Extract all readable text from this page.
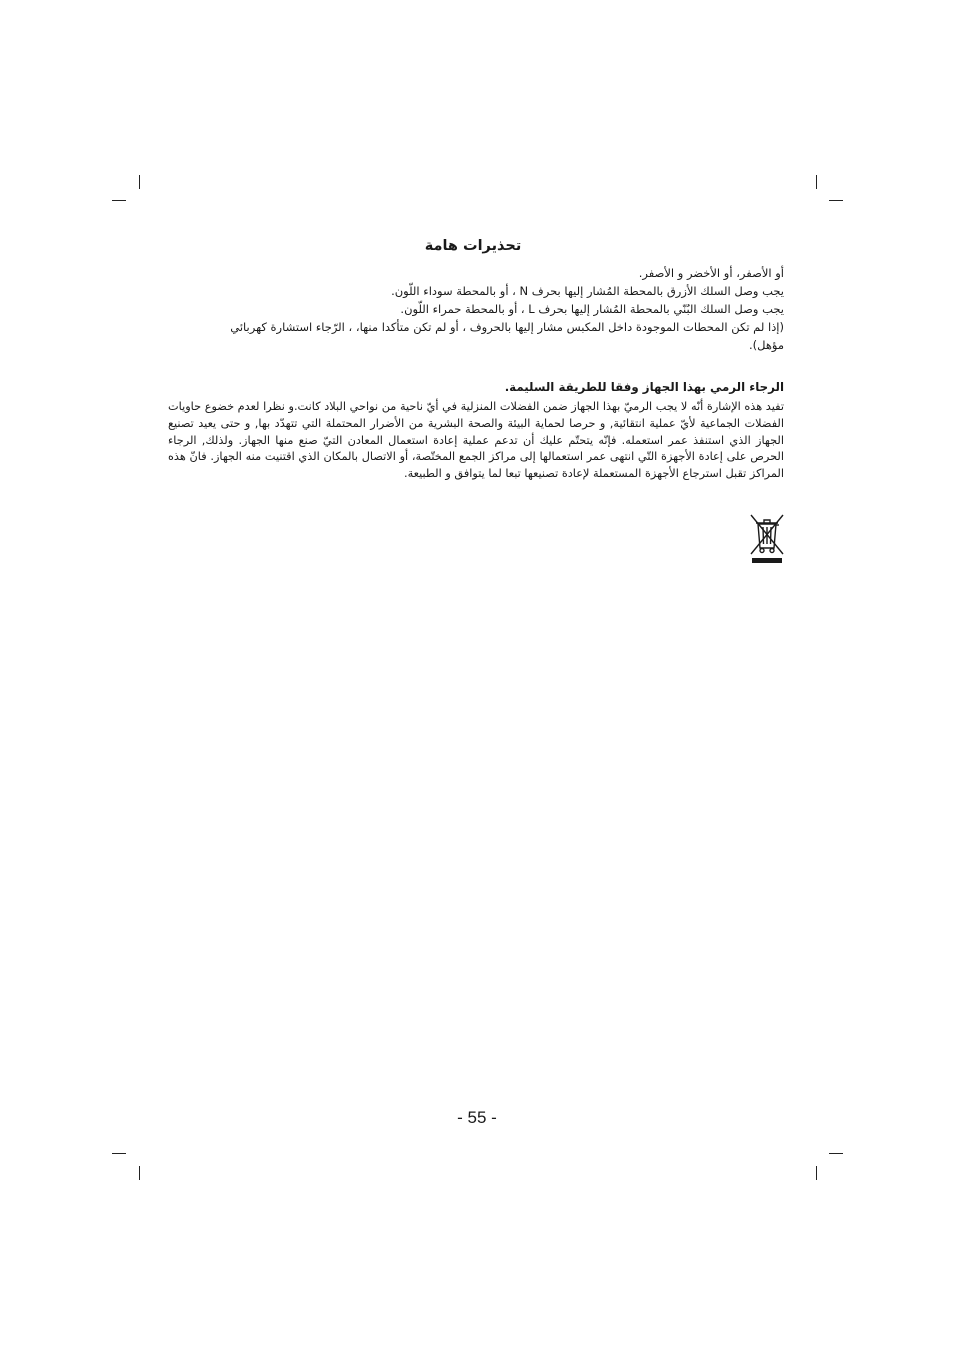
تحذيرات هامة
أو الأصفر، أو الأخضر و الأصفر.
يجب وصل السلك الأزرق بالمحطة المُشار إليها بحرف N ، أو بالمحطة سوداء اللّون.
يجب وصل السلك البُنّي بالمحطة المُشار إليها بحرف L ، أو بالمحطة حمراء اللّون.
(إذا لم تكن المحطات الموجودة داخل المكبس مشار إليها بالحروف ، أو لم تكن متأكدا منها، ، الرّجاء استشارة كهربائي
مؤهل).
الرجاء الرمي بهذا الجهاز وفقا للطريقة السليمة.

تفيد هذه الإشارة أنّه لا يجب الرميّ بهذا الجهاز ضمن الفضلات المنزلية في أيّ ناحية من نواحي البلاد كانت.و نظرا لعدم خضوع حاويات الفضلات الجماعية لأيّ عملية انتقائية, و حرصا لحماية البيئة والصحة البشرية من الأضرار المحتملة التي تتهدّد بها, و حتى يعيد تصنيع الجهاز الذي استنفذ عمر استعمله. فإنّه يتحتّم عليك أن تدعم عملية إعادة استعمال المعادن التيّ صنع منها الجهاز. ولذلك, الرجاء الحرص على إعادة الأجهزة التّي انتهى عمر استعمالها إلى مراكز الجمع المختّصة، أو الاتصال بالمكان الذي اقتنيت منه الجهاز. فانّ هذه المراكز تقبل استرجاع الأجهزة المستعملة لإعادة تصنيعها تبعا لما يتوافق و الطبيعة.

- 55 -
